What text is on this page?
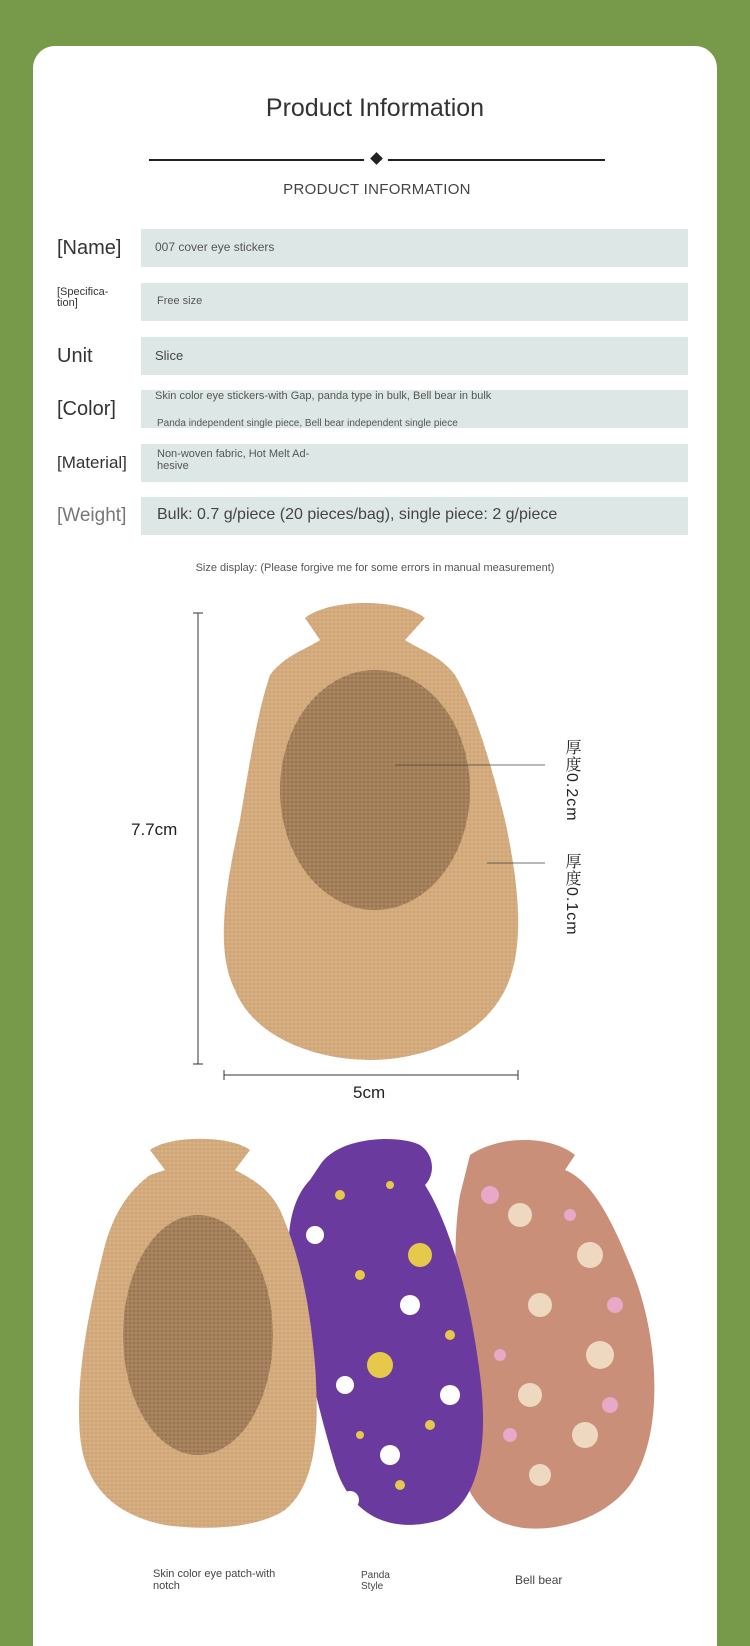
Product Information
PRODUCT INFORMATION
[Name]	007 cover eye stickers
[Specifica-
tion]	Free size
Unit	Slice
[Color]
Skin color eye stickers-with Gap, panda type in bulk, Bell bear in bulk
Panda independent single piece, Bell bear independent single piece
[Material]	Non-woven fabric, Hot Melt Ad-
hesive
[Weight] Bulk: 0.7 g/piece (20 pieces/bag), single piece: 2 g/piece
Size display: (Please forgive me for some errors in manual measurement)
7.7cm
5cm
厚度0.2cm
厚度0.1cm
Skin color eye patch-with
notch
Panda
Style	Bell bear
